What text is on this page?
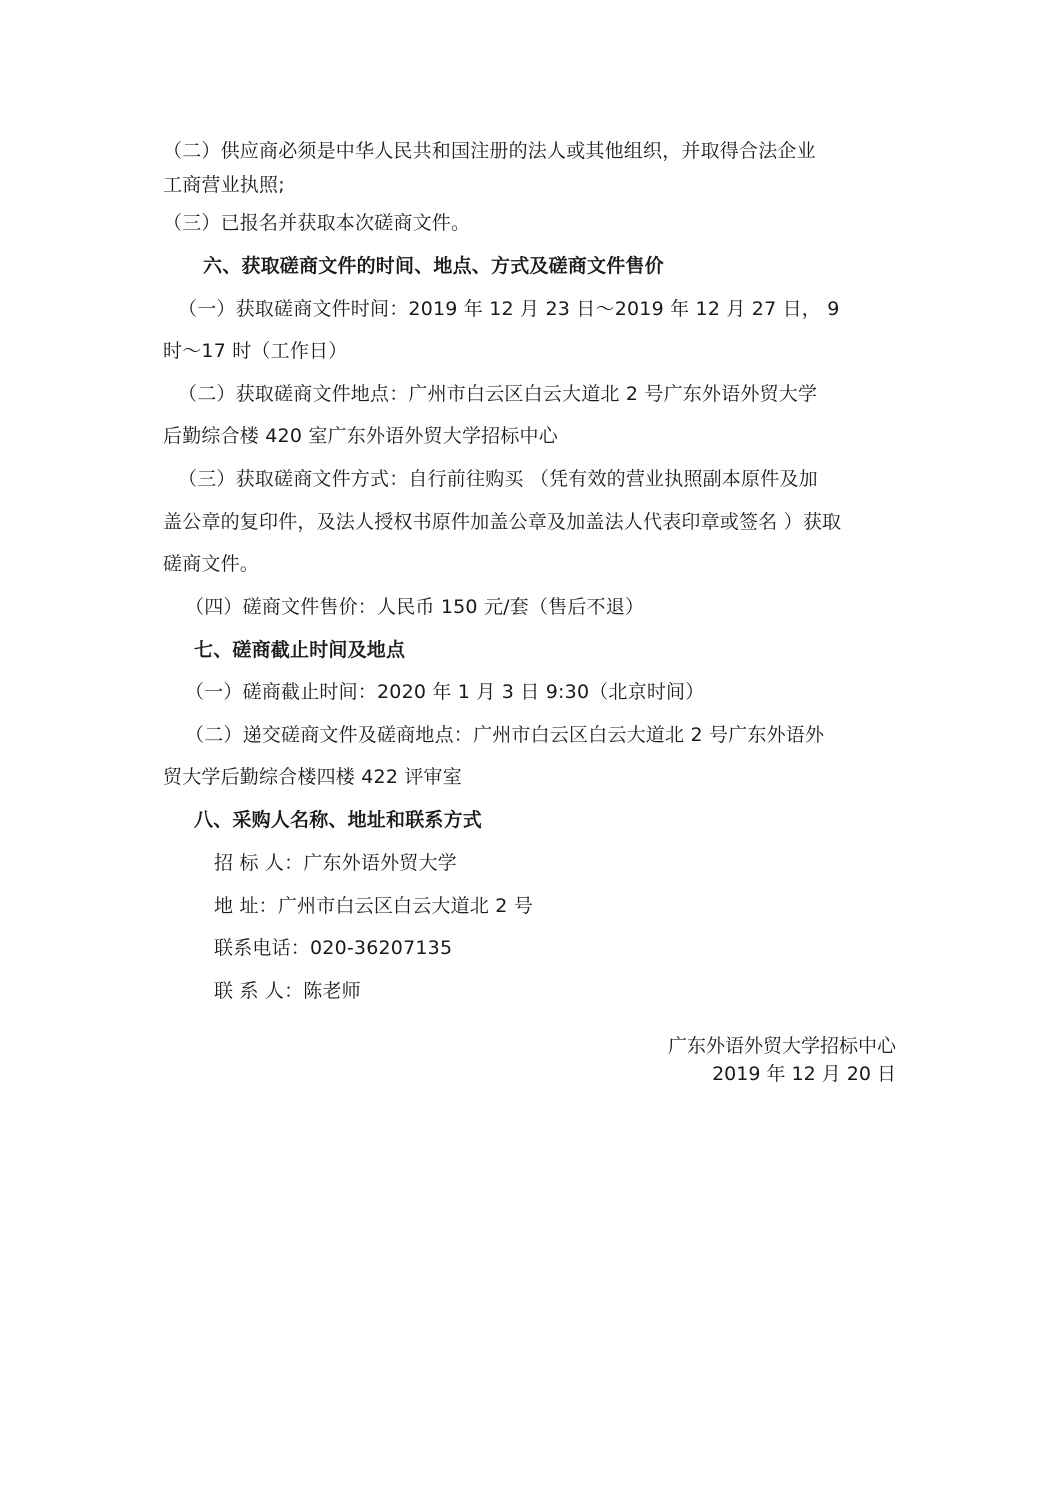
（二）供应商必须是中华人民共和国注册的法人或其他组织，并取得合法企业
工商营业执照;
（三）已报名并获取本次磋商文件。
六、获取磋商文件的时间、地点、方式及磋商文件售价
（一）获取磋商文件时间：2019 年 12 月 23 日～2019 年 12 月 27 日， 9
时～17 时（工作日）
（二）获取磋商文件地点：广州市白云区白云大道北 2 号广东外语外贸大学
后勤综合楼 420 室广东外语外贸大学招标中心
（三）获取磋商文件方式：自行前往购买 （凭有效的营业执照副本原件及加
盖公章的复印件，及法人授权书原件加盖公章及加盖法人代表印章或签名 ）获取
磋商文件。
（四）磋商文件售价：人民币 150 元/套（售后不退）
七、磋商截止时间及地点
（一）磋商截止时间：2020 年 1 月 3 日 9:30（北京时间）
（二）递交磋商文件及磋商地点：广州市白云区白云大道北 2 号广东外语外
贸大学后勤综合楼四楼 422 评审室
八、采购人名称、地址和联系方式
招 标 人：广东外语外贸大学
地 址：广州市白云区白云大道北 2 号
联系电话：020-36207135
联 系 人：陈老师
广东外语外贸大学招标中心
2019 年 12 月 20 日
